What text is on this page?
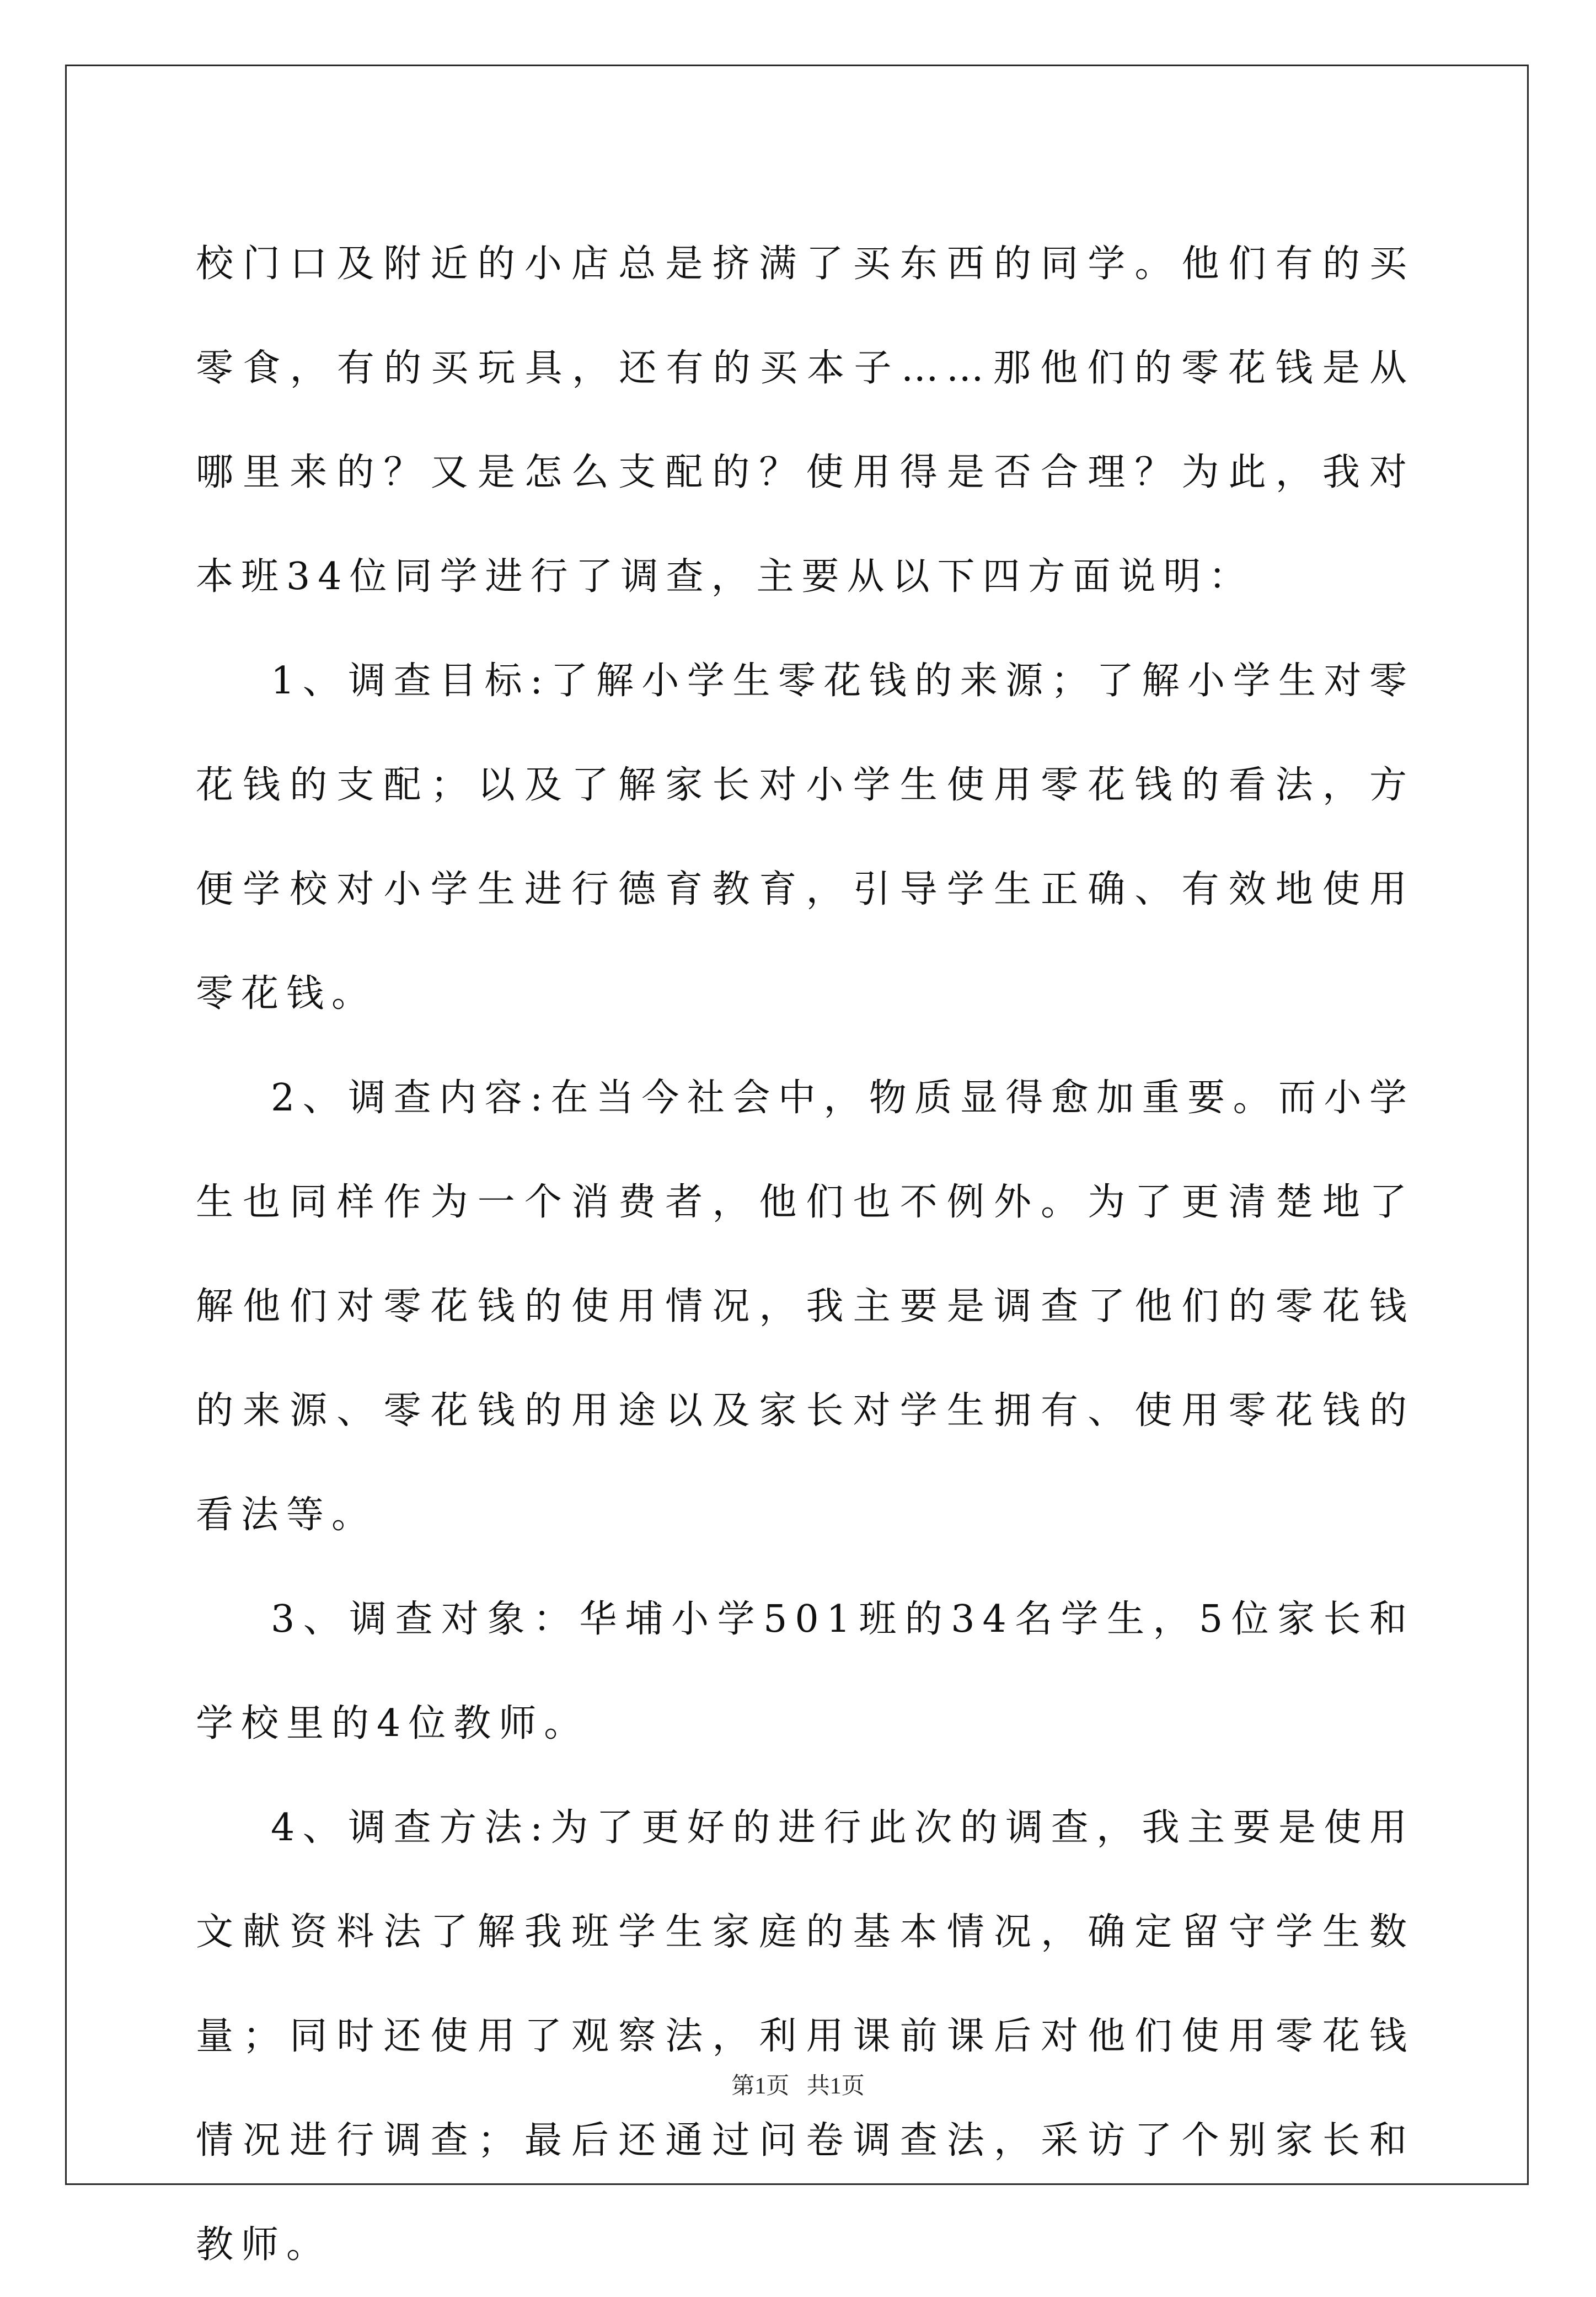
校门口及附近的小店总是挤满了买东西的同学。他们有的买零食，有的买玩具，还有的买本子……那他们的零花钱是从哪里来的？又是怎么支配的？使用得是否合理？为此，我对本班34位同学进行了调查，主要从以下四方面说明：

1、调查目标:了解小学生零花钱的来源；了解小学生对零花钱的支配；以及了解家长对小学生使用零花钱的看法，方便学校对小学生进行德育教育，引导学生正确、有效地使用零花钱。

2、调查内容:在当今社会中，物质显得愈加重要。而小学生也同样作为一个消费者，他们也不例外。为了更清楚地了解他们对零花钱的使用情况，我主要是调查了他们的零花钱的来源、零花钱的用途以及家长对学生拥有、使用零花钱的看法等。

3、调查对象：华埔小学501班的34名学生，5位家长和学校里的4位教师。

4、调查方法:为了更好的进行此次的调查，我主要是使用文献资料法了解我班学生家庭的基本情况，确定留守学生数量；同时还使用了观察法，利用课前课后对他们使用零花钱情况进行调查；最后还通过问卷调查法，采访了个别家长和教师。

第1页   共1页
